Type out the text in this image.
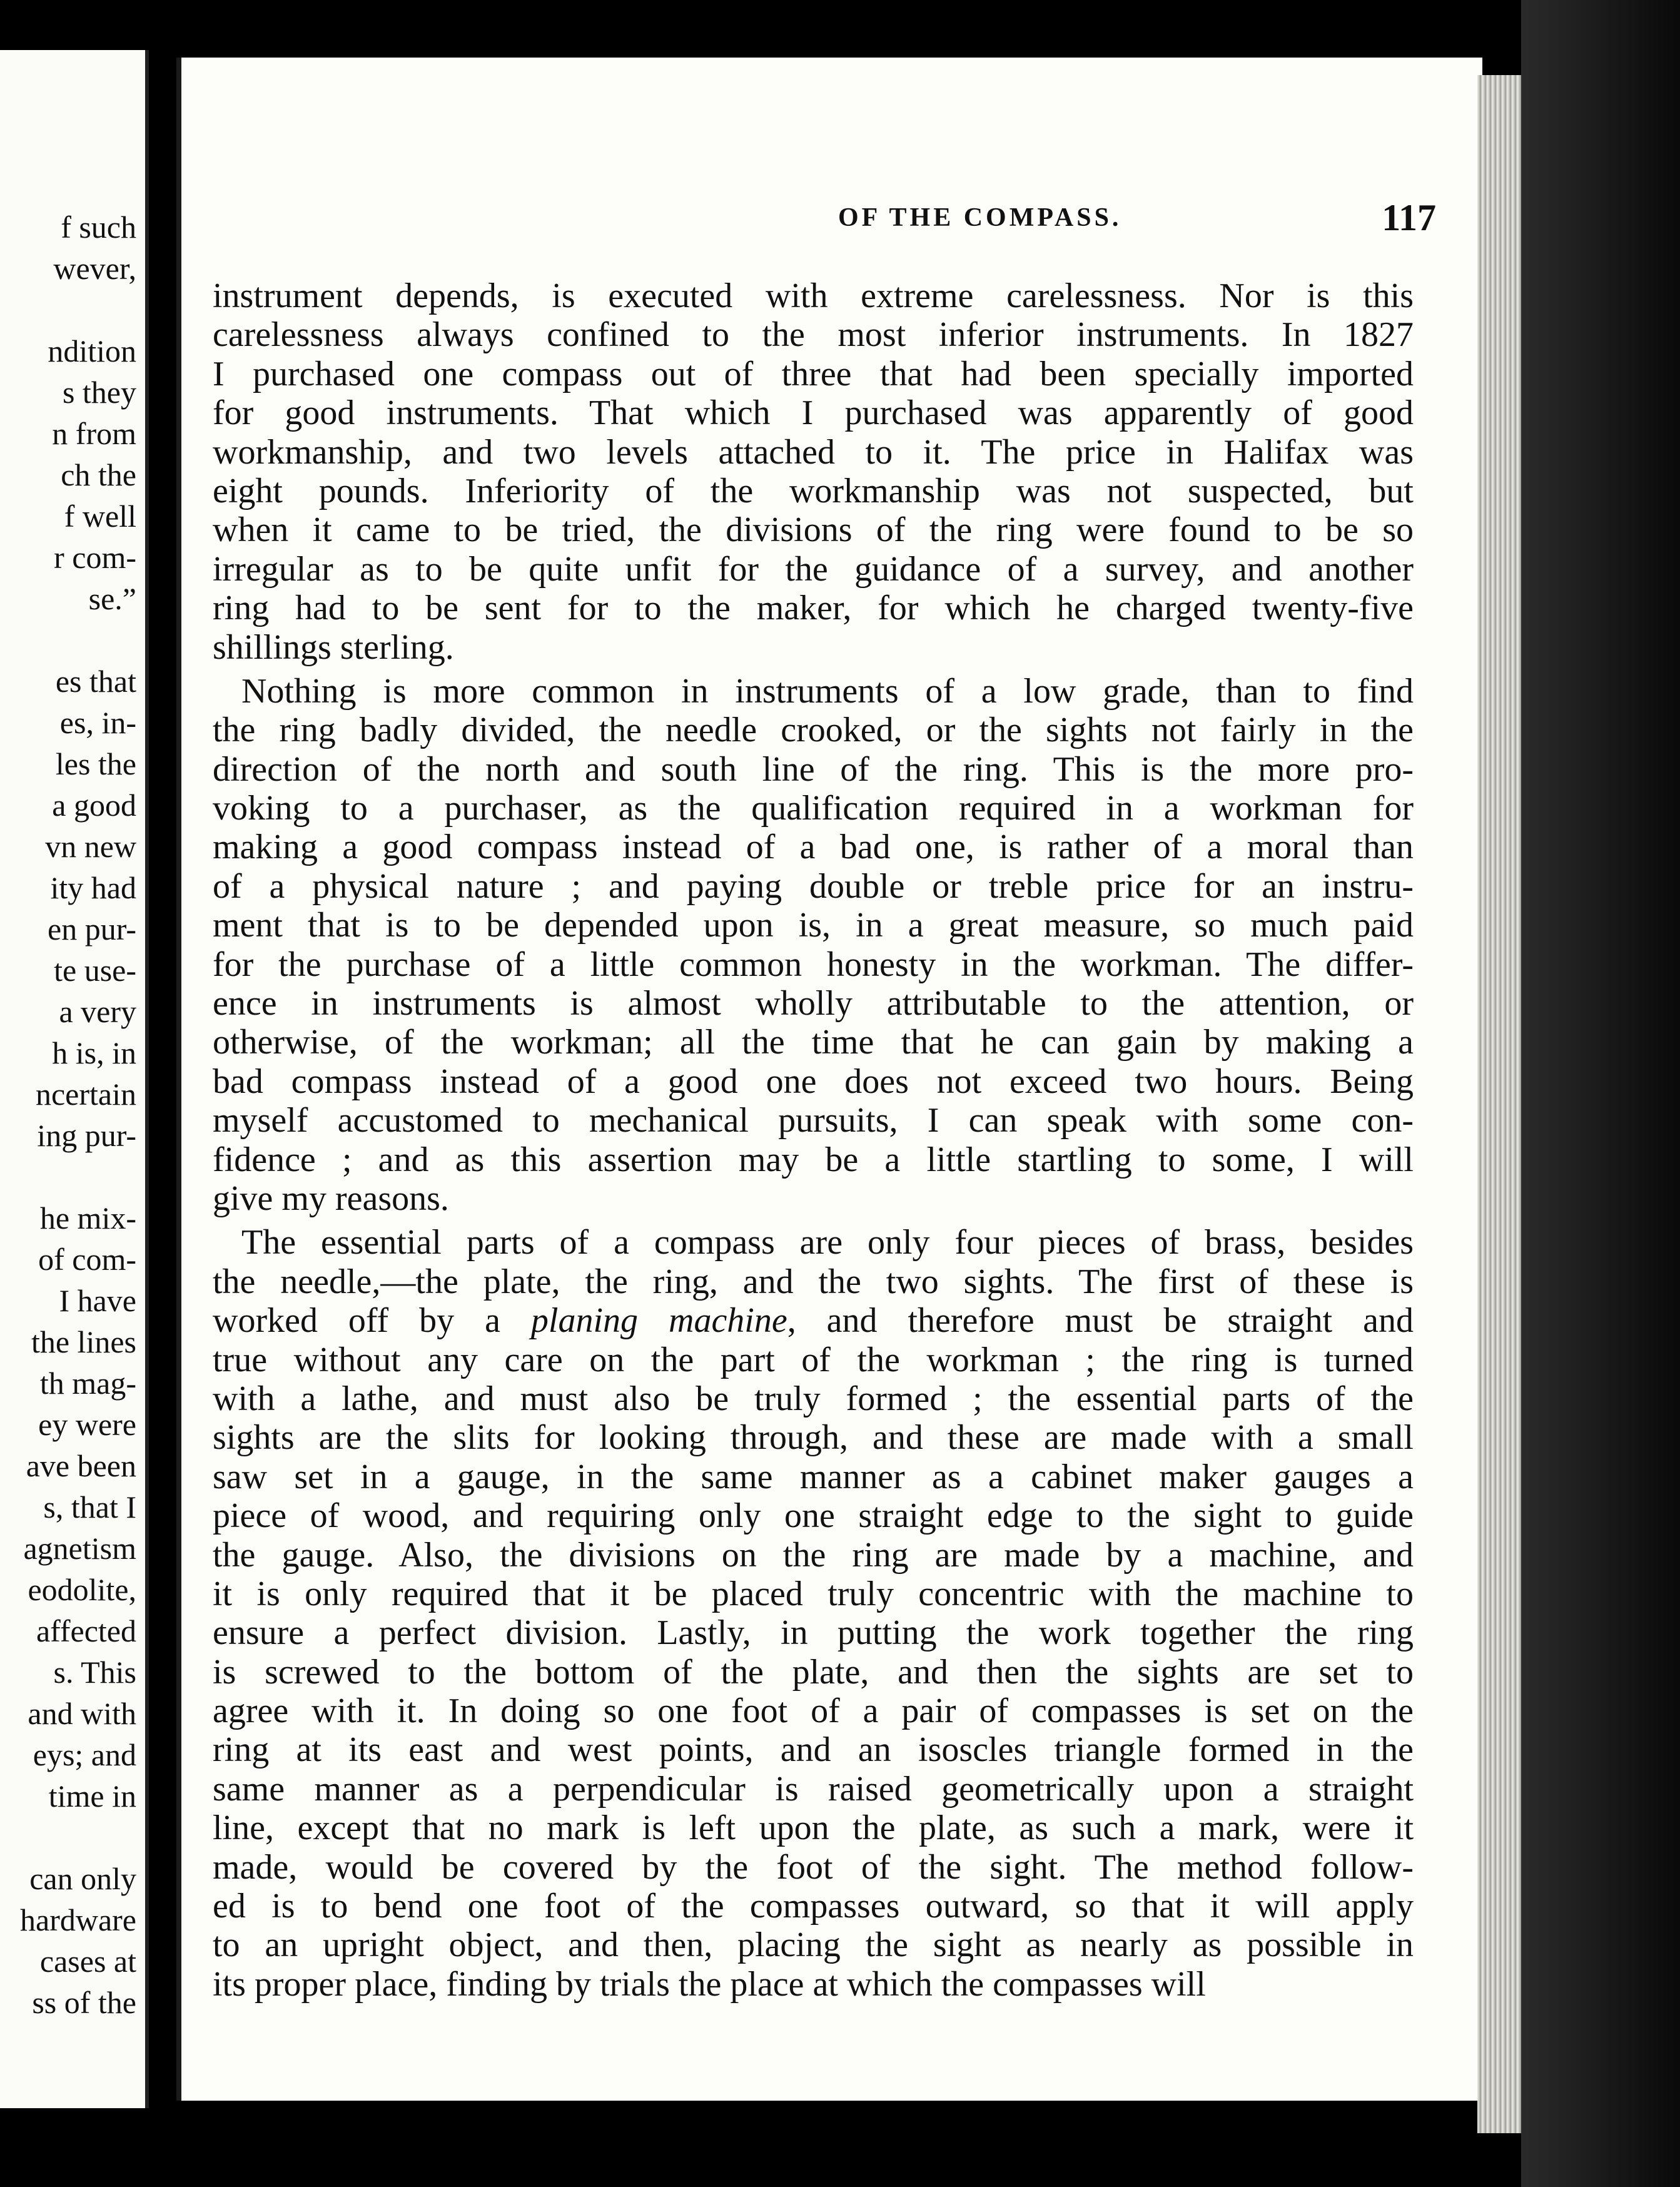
f such
wever,

ndition
s they
n from
ch the
f well
r com-
se.”

es that
es, in-
les the
a good
vn new
ity had
en pur-
te use-
a very
h is, in
ncertain
ing pur-

he mix-
of com-
I have
the lines
th mag-
ey were
ave been
s, that I
agnetism
eodolite,
affected
s. This
and with
eys; and
time in

can only
hardware
cases at
ss of the
OF THE COMPASS.	117
instrument depends, is executed with extreme carelessness. Nor is this
carelessness always confined to the most inferior instruments. In 1827
I purchased one compass out of three that had been specially imported
for good instruments. That which I purchased was apparently of good
workmanship, and two levels attached to it. The price in Halifax was
eight pounds. Inferiority of the workmanship was not suspected, but
when it came to be tried, the divisions of the ring were found to be so
irregular as to be quite unfit for the guidance of a survey, and another
ring had to be sent for to the maker, for which he charged twenty-five
shillings sterling.
Nothing is more common in instruments of a low grade, than to find
the ring badly divided, the needle crooked, or the sights not fairly in the
direction of the north and south line of the ring. This is the more pro-
voking to a purchaser, as the qualification required in a workman for
making a good compass instead of a bad one, is rather of a moral than
of a physical nature ; and paying double or treble price for an instru-
ment that is to be depended upon is, in a great measure, so much paid
for the purchase of a little common honesty in the workman. The differ-
ence in instruments is almost wholly attributable to the attention, or
otherwise, of the workman; all the time that he can gain by making a
bad compass instead of a good one does not exceed two hours. Being
myself accustomed to mechanical pursuits, I can speak with some con-
fidence ; and as this assertion may be a little startling to some, I will
give my reasons.
The essential parts of a compass are only four pieces of brass, besides
the needle,—the plate, the ring, and the two sights. The first of these is
worked off by a planing machine, and therefore must be straight and
true without any care on the part of the workman ; the ring is turned
with a lathe, and must also be truly formed ; the essential parts of the
sights are the slits for looking through, and these are made with a small
saw set in a gauge, in the same manner as a cabinet maker gauges a
piece of wood, and requiring only one straight edge to the sight to guide
the gauge. Also, the divisions on the ring are made by a machine, and
it is only required that it be placed truly concentric with the machine to
ensure a perfect division. Lastly, in putting the work together the ring
is screwed to the bottom of the plate, and then the sights are set to
agree with it. In doing so one foot of a pair of compasses is set on the
ring at its east and west points, and an isoscles triangle formed in the
same manner as a perpendicular is raised geometrically upon a straight
line, except that no mark is left upon the plate, as such a mark, were it
made, would be covered by the foot of the sight. The method follow-
ed is to bend one foot of the compasses outward, so that it will apply
to an upright object, and then, placing the sight as nearly as possible in
its proper place, finding by trials the place at which the compasses will
